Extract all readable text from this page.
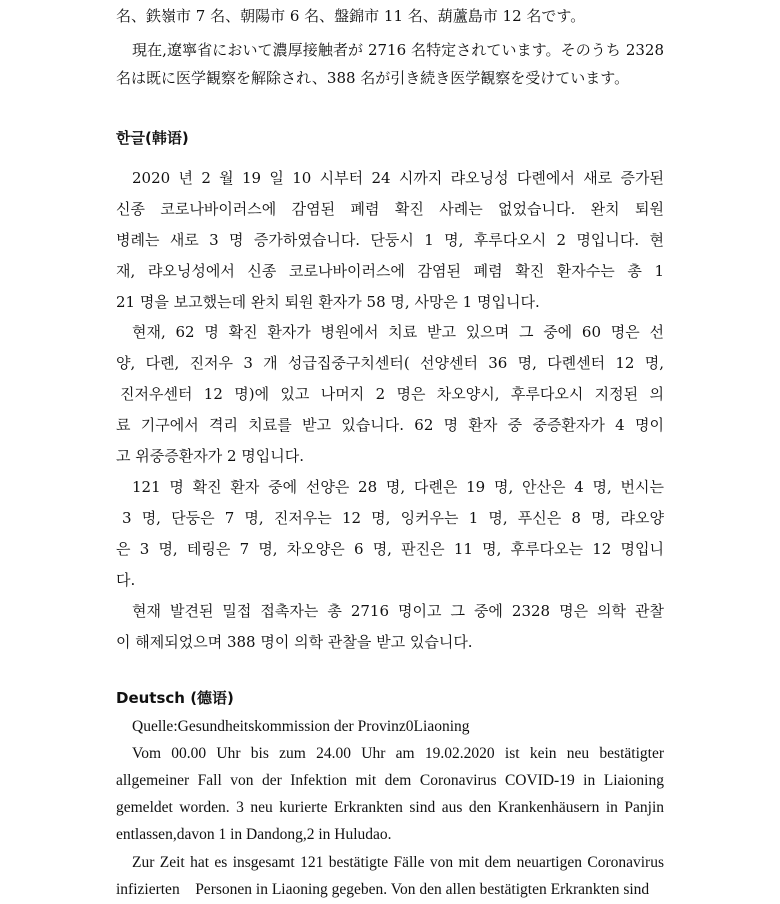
名、鉄嶺市 7 名、朝陽市 6 名、盤錦市 11 名、葫蘆島市 12 名です。
現在,遼寧省において濃厚接触者が 2716 名特定されています。そのうち 2328
名は既に医学観察を解除され、388 名が引き続き医学観察を受けています。
한글(韩语)
2020 년 2 월 19 일 10 시부터 24 시까지 랴오닝성 다롄에서 새로 증가된
신종 코로나바이러스에 감염된 폐렴 확진 사례는 없었습니다. 완치 퇴원
병례는 새로 3 명 증가하였습니다. 단둥시 1 명, 후루다오시 2 명입니다. 현
재, 랴오닝성에서 신종 코로나바이러스에 감염된 폐렴 확진 환자수는 총 1
21 명을 보고했는데 완치 퇴원 환자가 58 명, 사망은 1 명입니다.
현재, 62 명 확진 환자가 병원에서 치료 받고 있으며 그 중에 60 명은 선
양, 다롄, 진저우 3 개 성급집중구치센터( 선양센터 36 명, 다롄센터 12 명,
진저우센터 12 명)에 있고 나머지 2 명은 차오양시, 후루다오시 지정된 의
료 기구에서 격리 치료를 받고 있습니다. 62 명 환자 중 중증환자가 4 명이
고 위중증환자가 2 명입니다.
121 명 확진 환자 중에 선양은 28 명, 다롄은 19 명, 안산은 4 명, 번시는
3 명, 단둥은 7 명, 진저우는 12 명, 잉커우는 1 명, 푸신은 8 명, 랴오양
은 3 명, 테링은 7 명, 차오양은 6 명, 판진은 11 명, 후루다오는 12 명입니
다.
현재 발견된 밀접 접촉자는 총 2716 명이고 그 중에 2328 명은 의학 관찰
이 해제되었으며 388 명이 의학 관찰을 받고 있습니다.
Deutsch (德语)
Quelle:Gesundheitskommission der Provinz0Liaoning
Vom 00.00 Uhr bis zum 24.00 Uhr am 19.02.2020 ist kein neu bestätigter
allgemeiner Fall von der Infektion mit dem Coronavirus COVID-19 in Liaioning
gemeldet worden. 3 neu kurierte Erkrankten sind aus den Krankenhäusern in Panjin
entlassen,davon 1 in Dandong,2 in Huludao.
Zur Zeit hat es insgesamt 121 bestätigte Fälle von mit dem neuartigen Coronavirus
infizierten    Personen in Liaoning gegeben. Von den allen bestätigten Erkrankten sind
